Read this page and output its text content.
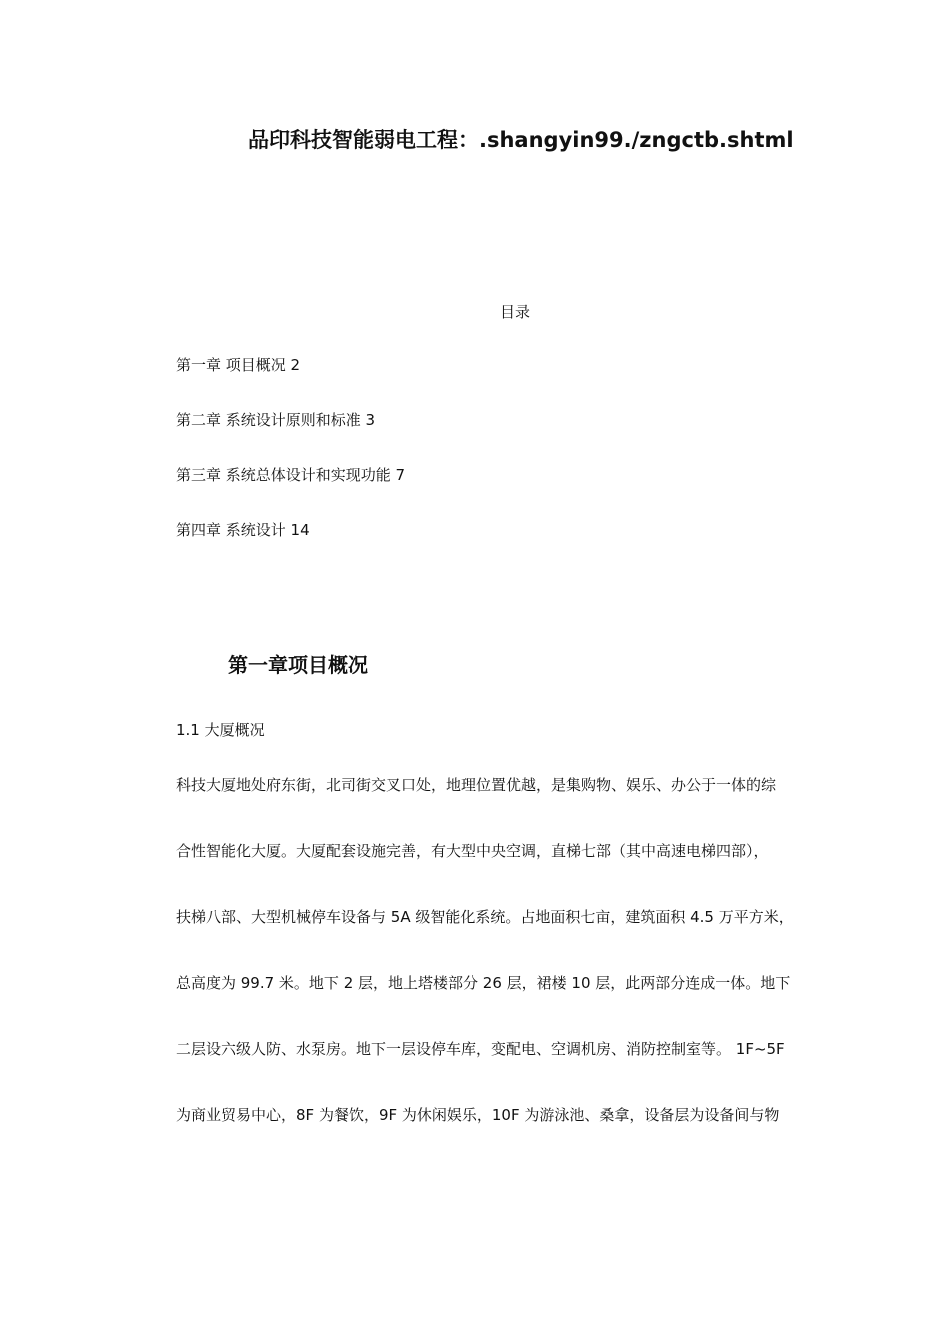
品印科技智能弱电工程：.shangyin99./zngctb.shtml
目录
第一章 项目概况 2
第二章 系统设计原则和标准 3
第三章 系统总体设计和实现功能 7
第四章 系统设计 14
第一章项目概况
1.1 大厦概况
科技大厦地处府东街，北司街交叉口处，地理位置优越，是集购物、娱乐、办公于一体的综
合性智能化大厦。大厦配套设施完善，有大型中央空调，直梯七部（其中高速电梯四部），
扶梯八部、大型机械停车设备与 5A 级智能化系统。占地面积七亩，建筑面积 4.5 万平方米，
总高度为 99.7 米。地下 2 层，地上塔楼部分 26 层，裙楼 10 层，此两部分连成一体。地下
二层设六级人防、水泵房。地下一层设停车库，变配电、空调机房、消防控制室等。 1F~5F
为商业贸易中心，8F 为餐饮，9F 为休闲娱乐，10F 为游泳池、桑拿，设备层为设备间与物
